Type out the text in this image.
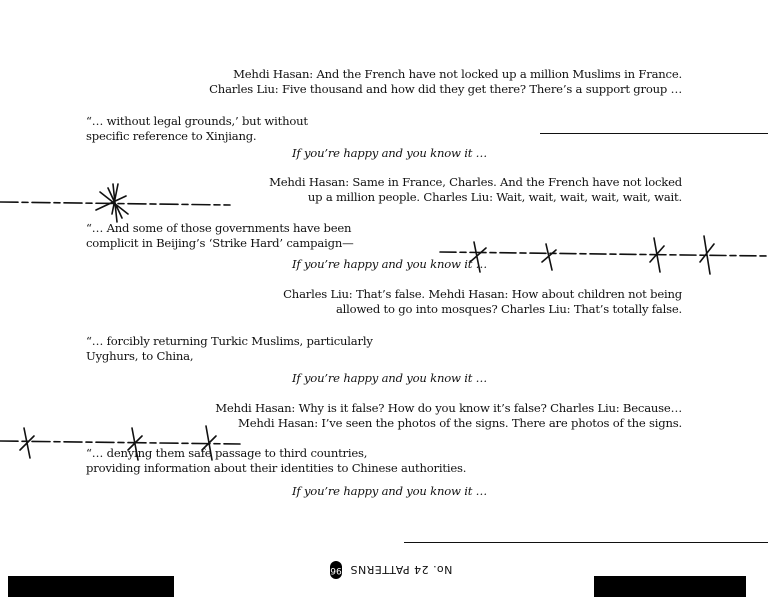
Mehdi Hasan: And the French have not locked up a million Muslims in France.
Charles Liu: Five thousand and how did they get there? There’s a support group …
“… without legal grounds,’ but without
specific reference to Xinjiang.
If you’re happy and you know it …
Mehdi Hasan: Same in France, Charles. And the French have not locked
up a million people. Charles Liu: Wait, wait, wait, wait, wait, wait.
“… And some of those governments have been
complicit in Beijing’s ‘Strike Hard’ campaign—
If you’re happy and you know it …
Charles Liu: That’s false. Mehdi Hasan: How about children not being
allowed to go into mosques? Charles Liu: That’s totally false.
“… forcibly returning Turkic Muslims, particularly
Uyghurs, to China,
If you’re happy and you know it …
Mehdi Hasan: Why is it false? How do you know it’s false? Charles Liu: Because…
Mehdi Hasan: I’ve seen the photos of the signs. There are photos of the signs.
“… denying them safe passage to third countries,
providing information about their identities to Chinese authorities.
If you’re happy and you know it …
96 No. 24 PATTERNS
